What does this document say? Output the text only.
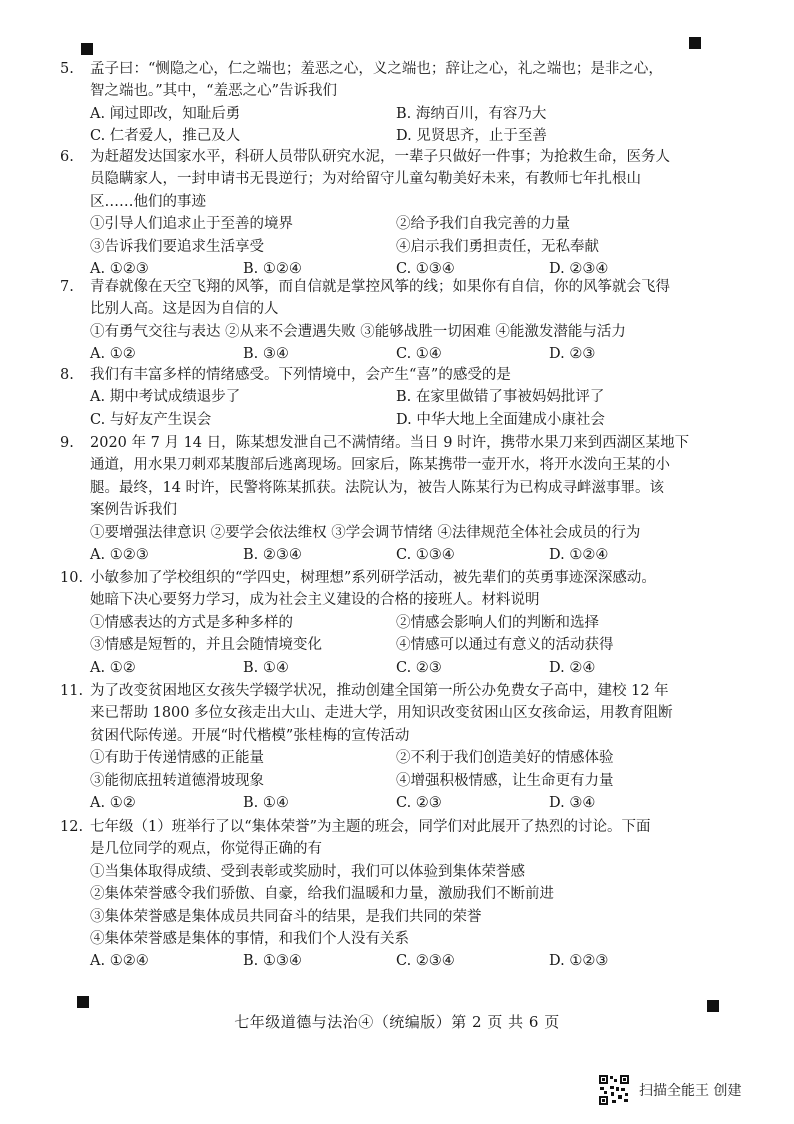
5. 孟子曰：“恻隐之心，仁之端也；羞恶之心，义之端也；辞让之心，礼之端也；是非之心，

智之端也。”其中，“羞恶之心”告诉我们

A. 闻过即改，知耻后勇	B. 海纳百川，有容乃大
C. 仁者爱人，推己及人	D. 见贤思齐，止于至善
6. 为赶超发达国家水平，科研人员带队研究水泥，一辈子只做好一件事；为抢救生命，医务人

员隐瞒家人，一封申请书无畏逆行；为对给留守儿童勾勒美好未来，有教师七年扎根山

区……他们的事迹

①引导人们追求止于至善的境界	②给予我们自我完善的力量
③告诉我们要追求生活享受	④启示我们勇担责任，无私奉献
A. ①②③	B. ①②④	C. ①③④	D. ②③④
7. 青春就像在天空飞翔的风筝，而自信就是掌控风筝的线；如果你有自信，你的风筝就会飞得

比别人高。这是因为自信的人

①有勇气交往与表达 ②从来不会遭遇失败 ③能够战胜一切困难 ④能激发潜能与活力

A. ①②	B. ③④	C. ①④	D. ②③
8. 我们有丰富多样的情绪感受。下列情境中，会产生“喜”的感受的是

A. 期中考试成绩退步了	B. 在家里做错了事被妈妈批评了
C. 与好友产生误会	D. 中华大地上全面建成小康社会
9. 2020 年 7 月 14 日，陈某想发泄自己不满情绪。当日 9 时许，携带水果刀来到西湖区某地下

通道，用水果刀刺邓某腹部后逃离现场。回家后，陈某携带一壶开水，将开水泼向王某的小

腿。最终，14 时许，民警将陈某抓获。法院认为，被告人陈某行为已构成寻衅滋事罪。该

案例告诉我们

①要增强法律意识 ②要学会依法维权 ③学会调节情绪 ④法律规范全体社会成员的行为

A. ①②③	B. ②③④	C. ①③④	D. ①②④
10. 小敏参加了学校组织的“学四史，树理想”系列研学活动，被先辈们的英勇事迹深深感动。

她暗下决心要努力学习，成为社会主义建设的合格的接班人。材料说明

①情感表达的方式是多种多样的	②情感会影响人们的判断和选择
③情感是短暂的，并且会随情境变化	④情感可以通过有意义的活动获得
A. ①②	B. ①④	C. ②③	D. ②④
11. 为了改变贫困地区女孩失学辍学状况，推动创建全国第一所公办免费女子高中，建校 12 年

来已帮助 1800 多位女孩走出大山、走进大学，用知识改变贫困山区女孩命运，用教育阻断

贫困代际传递。开展“时代楷模”张桂梅的宣传活动

①有助于传递情感的正能量	②不利于我们创造美好的情感体验
③能彻底扭转道德滑坡现象	④增强积极情感，让生命更有力量
A. ①②	B. ①④	C. ②③	D. ③④
12. 七年级（1）班举行了以“集体荣誉”为主题的班会，同学们对此展开了热烈的讨论。下面

是几位同学的观点，你觉得正确的有

①当集体取得成绩、受到表彰或奖励时，我们可以体验到集体荣誉感

②集体荣誉感令我们骄傲、自豪，给我们温暖和力量，激励我们不断前进

③集体荣誉感是集体成员共同奋斗的结果，是我们共同的荣誉

④集体荣誉感是集体的事情，和我们个人没有关系

A. ①②④	B. ①③④	C. ②③④	D. ①②③
七年级道德与法治④（统编版）第 2 页 共 6 页
扫描全能王 创建
